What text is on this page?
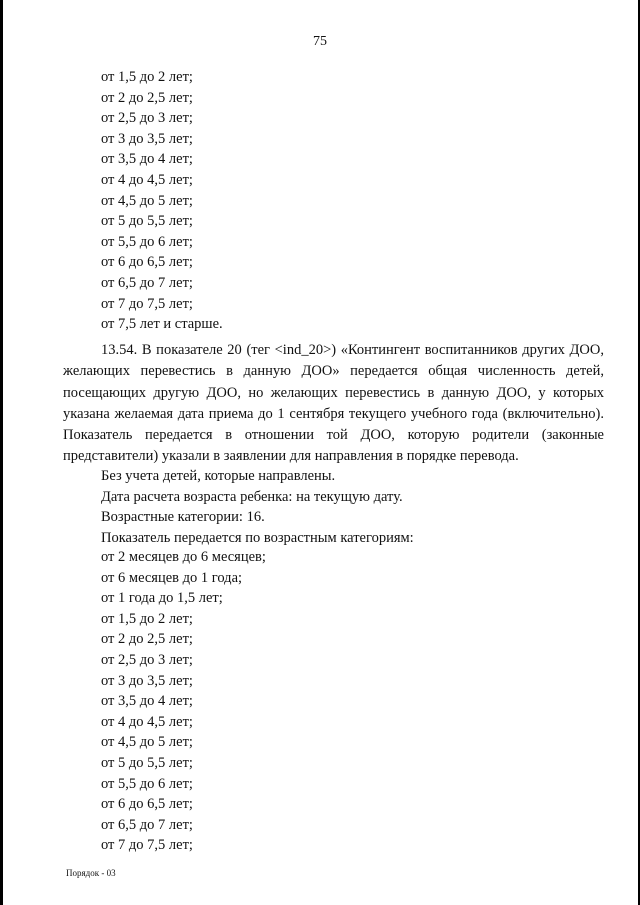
75
от 1,5 до 2 лет;
от 2 до 2,5 лет;
от 2,5 до 3 лет;
от 3 до 3,5 лет;
от 3,5 до 4 лет;
от 4 до 4,5 лет;
от 4,5 до 5 лет;
от 5 до 5,5 лет;
от 5,5 до 6 лет;
от 6 до 6,5 лет;
от 6,5 до 7 лет;
от 7 до 7,5 лет;
от 7,5 лет и старше.

13.54. В показателе 20 (тег <ind_20>) «Контингент воспитанников других ДОО, желающих перевестись в данную ДОО» передается общая численность детей, посещающих другую ДОО, но желающих перевестись в данную ДОО, у которых указана желаемая дата приема до 1 сентября текущего учебного года (включительно). Показатель передается в отношении той ДОО, которую родители (законные представители) указали в заявлении для направления в порядке перевода.

Без учета детей, которые направлены.
Дата расчета возраста ребенка: на текущую дату.
Возрастные категории: 16.
Показатель передается по возрастным категориям:
от 2 месяцев до 6 месяцев;
от 6 месяцев до 1 года;
от 1 года до 1,5 лет;
от 1,5 до 2 лет;
от 2 до 2,5 лет;
от 2,5 до 3 лет;
от 3 до 3,5 лет;
от 3,5 до 4 лет;
от 4 до 4,5 лет;
от 4,5 до 5 лет;
от 5 до 5,5 лет;
от 5,5 до 6 лет;
от 6 до 6,5 лет;
от 6,5 до 7 лет;
от 7 до 7,5 лет;
Порядок - 03
